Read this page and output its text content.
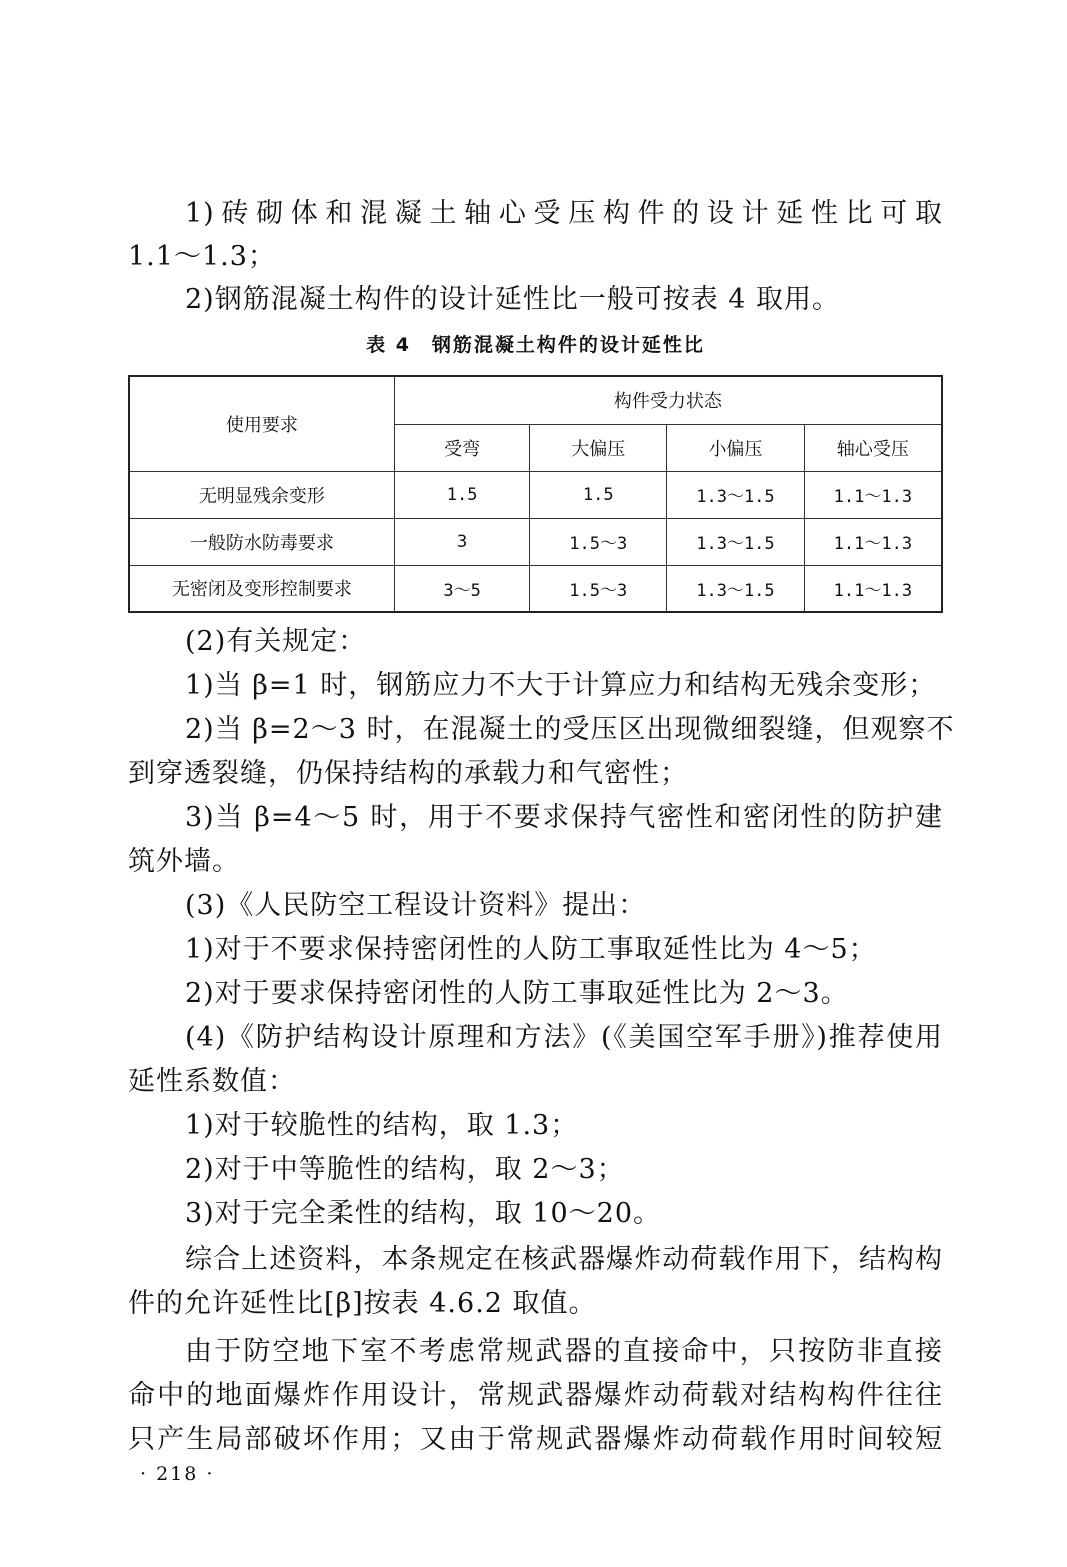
1)砖砌体和混凝土轴心受压构件的设计延性比可取
1.1～1.3；
2)钢筋混凝土构件的设计延性比一般可按表 4 取用。
表 4　钢筋混凝土构件的设计延性比
使用要求	构件受力状态			
	受弯	大偏压	小偏压	轴心受压
无明显残余变形	1.5	1.5	1.3～1.5	1.1～1.3
一般防水防毒要求	3	1.5～3	1.3～1.5	1.1～1.3
无密闭及变形控制要求	3～5	1.5～3	1.3～1.5	1.1～1.3
(2)有关规定：
1)当 β=1 时，钢筋应力不大于计算应力和结构无残余变形；
2)当 β=2～3 时，在混凝土的受压区出现微细裂缝，但观察不
到穿透裂缝，仍保持结构的承载力和气密性；
3)当 β=4～5 时，用于不要求保持气密性和密闭性的防护建
筑外墙。
(3)《人民防空工程设计资料》提出：
1)对于不要求保持密闭性的人防工事取延性比为 4～5；
2)对于要求保持密闭性的人防工事取延性比为 2～3。
(4)《防护结构设计原理和方法》(《美国空军手册》)推荐使用
延性系数值：
1)对于较脆性的结构，取 1.3；
2)对于中等脆性的结构，取 2～3；
3)对于完全柔性的结构，取 10～20。
综合上述资料，本条规定在核武器爆炸动荷载作用下，结构构
件的允许延性比[β]按表 4.6.2 取值。
由于防空地下室不考虑常规武器的直接命中，只按防非直接
命中的地面爆炸作用设计，常规武器爆炸动荷载对结构构件往往
只产生局部破坏作用；又由于常规武器爆炸动荷载作用时间较短
· 218 ·
